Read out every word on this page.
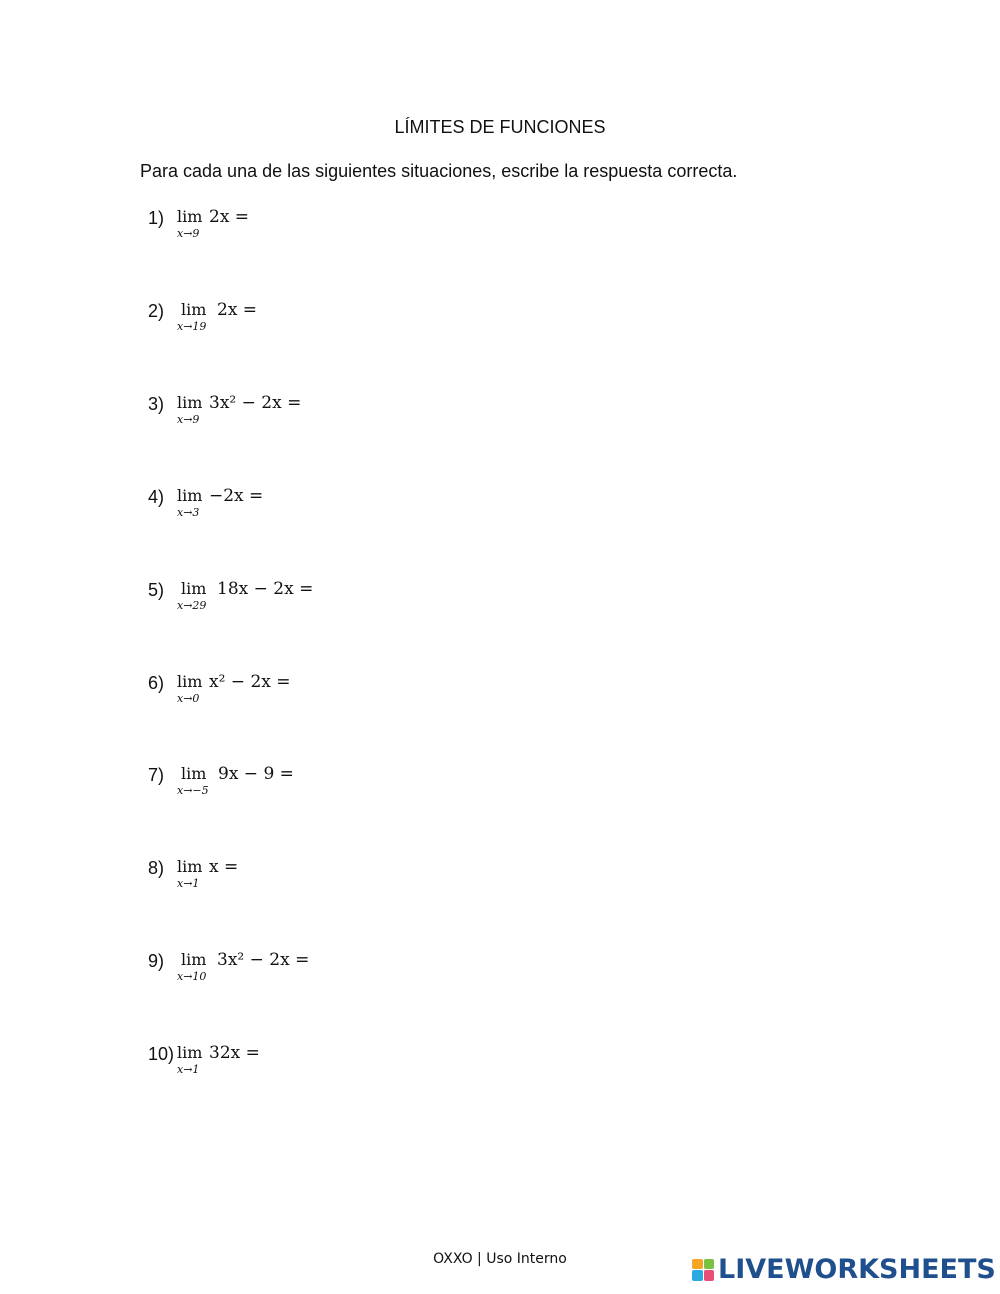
LÍMITES DE FUNCIONES
Para cada una de las siguientes situaciones, escribe la respuesta correcta.
1) lim
x→9
2x =
2) lim
x→19
2x =
3) lim
x→9
3x² − 2x =
4) lim
x→3
−2x =
5) lim
x→29
18x − 2x =
6) lim
x→0
x² − 2x =
7) lim
x→−5
9x − 9 =
8) lim
x→1
x =
9) lim
x→10
3x² − 2x =
10) lim
x→1
32x =
OXXO | Uso Interno	LIVEWORKSHEETS
